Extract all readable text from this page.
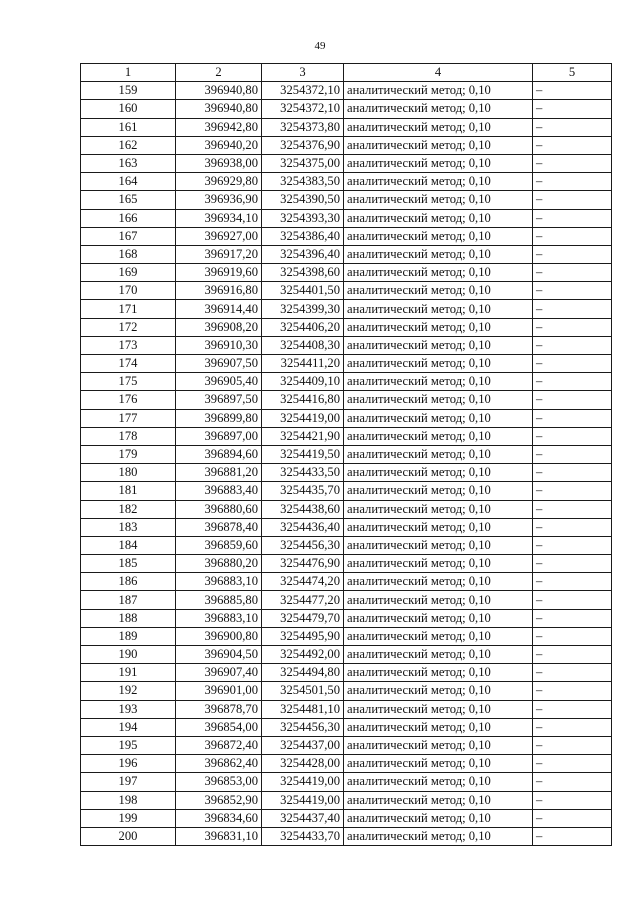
49
1	2	3	4	5
159	396940,80	3254372,10	аналитический метод; 0,10	–
160	396940,80	3254372,10	аналитический метод; 0,10	–
161	396942,80	3254373,80	аналитический метод; 0,10	–
162	396940,20	3254376,90	аналитический метод; 0,10	–
163	396938,00	3254375,00	аналитический метод; 0,10	–
164	396929,80	3254383,50	аналитический метод; 0,10	–
165	396936,90	3254390,50	аналитический метод; 0,10	–
166	396934,10	3254393,30	аналитический метод; 0,10	–
167	396927,00	3254386,40	аналитический метод; 0,10	–
168	396917,20	3254396,40	аналитический метод; 0,10	–
169	396919,60	3254398,60	аналитический метод; 0,10	–
170	396916,80	3254401,50	аналитический метод; 0,10	–
171	396914,40	3254399,30	аналитический метод; 0,10	–
172	396908,20	3254406,20	аналитический метод; 0,10	–
173	396910,30	3254408,30	аналитический метод; 0,10	–
174	396907,50	3254411,20	аналитический метод; 0,10	–
175	396905,40	3254409,10	аналитический метод; 0,10	–
176	396897,50	3254416,80	аналитический метод; 0,10	–
177	396899,80	3254419,00	аналитический метод; 0,10	–
178	396897,00	3254421,90	аналитический метод; 0,10	–
179	396894,60	3254419,50	аналитический метод; 0,10	–
180	396881,20	3254433,50	аналитический метод; 0,10	–
181	396883,40	3254435,70	аналитический метод; 0,10	–
182	396880,60	3254438,60	аналитический метод; 0,10	–
183	396878,40	3254436,40	аналитический метод; 0,10	–
184	396859,60	3254456,30	аналитический метод; 0,10	–
185	396880,20	3254476,90	аналитический метод; 0,10	–
186	396883,10	3254474,20	аналитический метод; 0,10	–
187	396885,80	3254477,20	аналитический метод; 0,10	–
188	396883,10	3254479,70	аналитический метод; 0,10	–
189	396900,80	3254495,90	аналитический метод; 0,10	–
190	396904,50	3254492,00	аналитический метод; 0,10	–
191	396907,40	3254494,80	аналитический метод; 0,10	–
192	396901,00	3254501,50	аналитический метод; 0,10	–
193	396878,70	3254481,10	аналитический метод; 0,10	–
194	396854,00	3254456,30	аналитический метод; 0,10	–
195	396872,40	3254437,00	аналитический метод; 0,10	–
196	396862,40	3254428,00	аналитический метод; 0,10	–
197	396853,00	3254419,00	аналитический метод; 0,10	–
198	396852,90	3254419,00	аналитический метод; 0,10	–
199	396834,60	3254437,40	аналитический метод; 0,10	–
200	396831,10	3254433,70	аналитический метод; 0,10	–
